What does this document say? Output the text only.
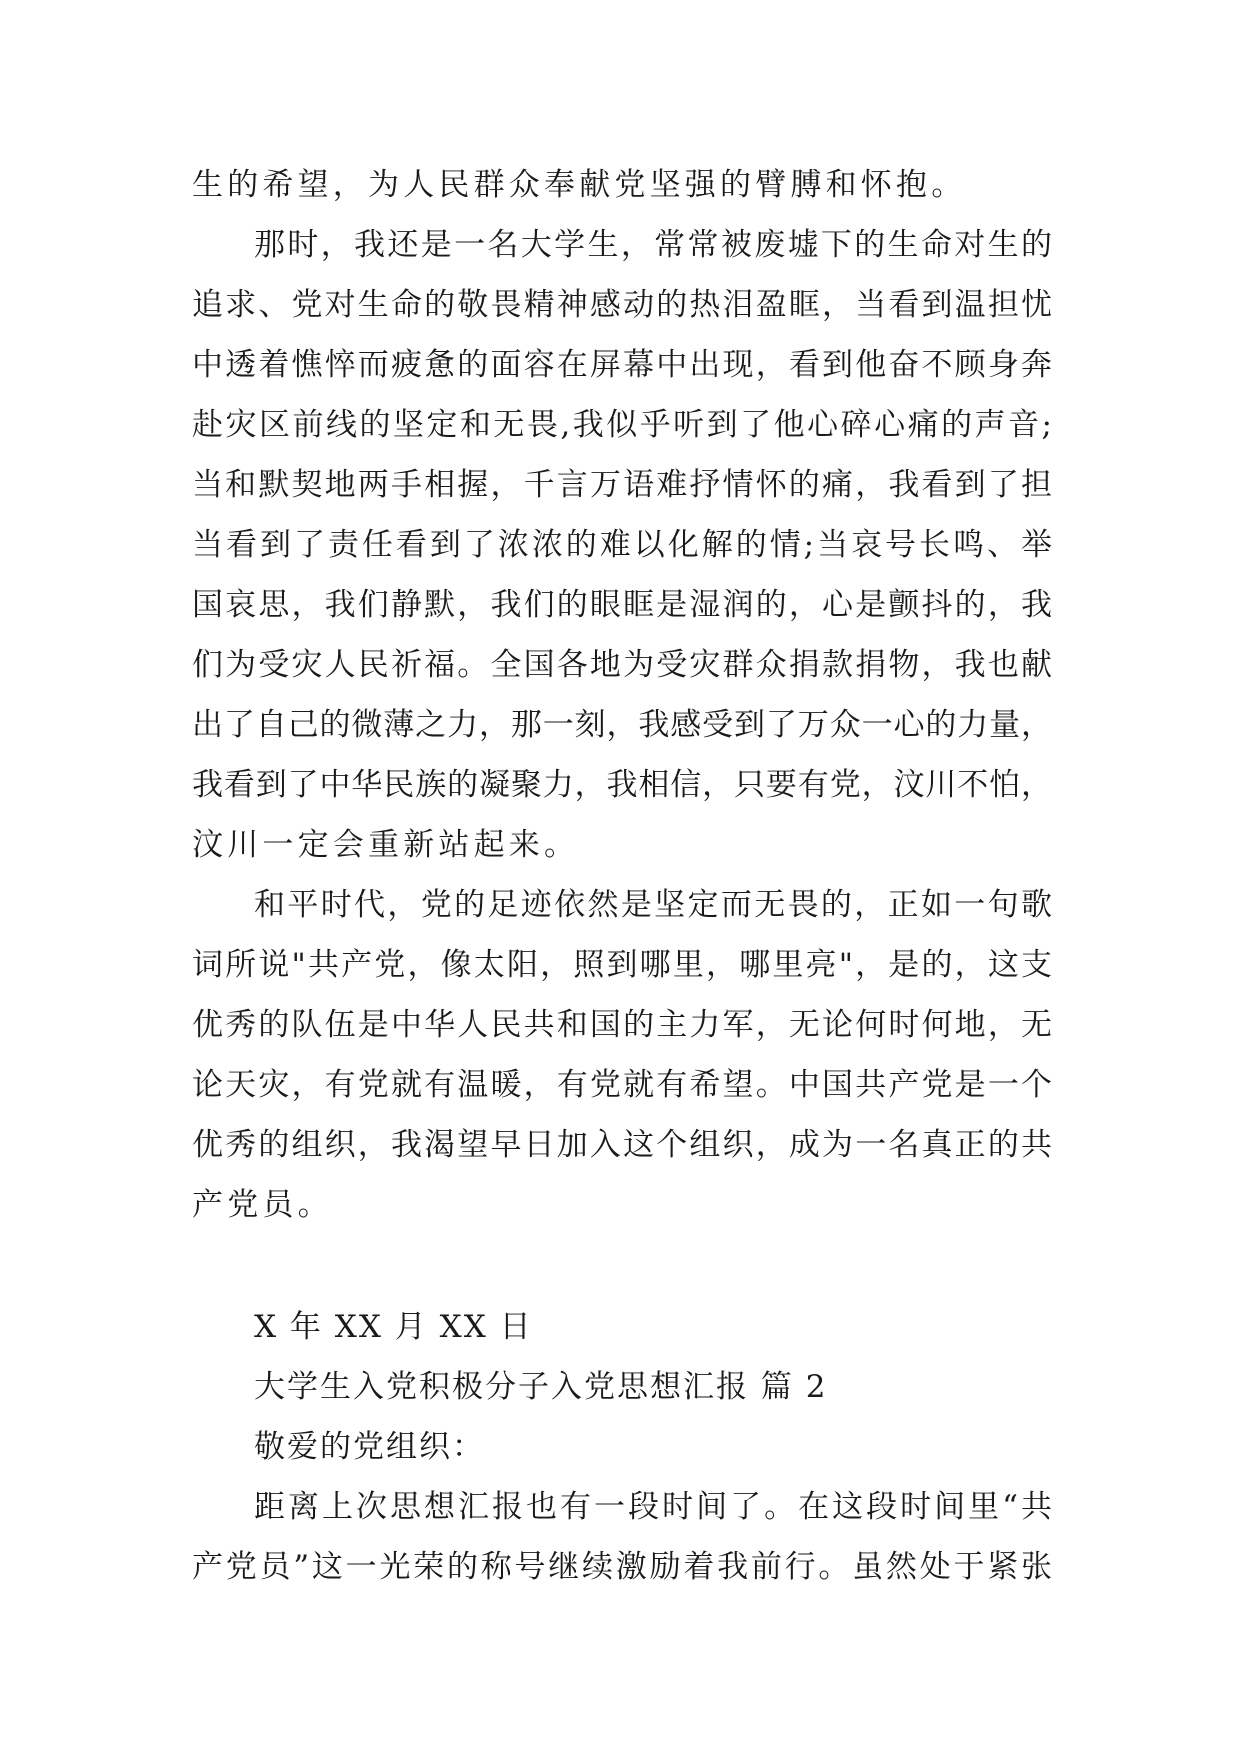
生的希望，为人民群众奉献党坚强的臂膊和怀抱。
那时，我还是一名大学生，常常被废墟下的生命对生的
追求、党对生命的敬畏精神感动的热泪盈眶，当看到温担忧
中透着憔悴而疲惫的面容在屏幕中出现，看到他奋不顾身奔
赴灾区前线的坚定和无畏,我似乎听到了他心碎心痛的声音;
当和默契地两手相握，千言万语难抒情怀的痛，我看到了担
当看到了责任看到了浓浓的难以化解的情;当哀号长鸣、举
国哀思，我们静默，我们的眼眶是湿润的，心是颤抖的，我
们为受灾人民祈福。全国各地为受灾群众捐款捐物，我也献
出了自己的微薄之力，那一刻，我感受到了万众一心的力量，
我看到了中华民族的凝聚力，我相信，只要有党，汶川不怕，
汶川一定会重新站起来。
和平时代，党的足迹依然是坚定而无畏的，正如一句歌
词所说"共产党，像太阳，照到哪里，哪里亮"，是的，这支
优秀的队伍是中华人民共和国的主力军，无论何时何地，无
论天灾，有党就有温暖，有党就有希望。中国共产党是一个
优秀的组织，我渴望早日加入这个组织，成为一名真正的共
产党员。
X 年 XX 月 XX 日
大学生入党积极分子入党思想汇报 篇 2
敬爱的党组织：
距离上次思想汇报也有一段时间了。在这段时间里“共
产党员”这一光荣的称号继续激励着我前行。虽然处于紧张
